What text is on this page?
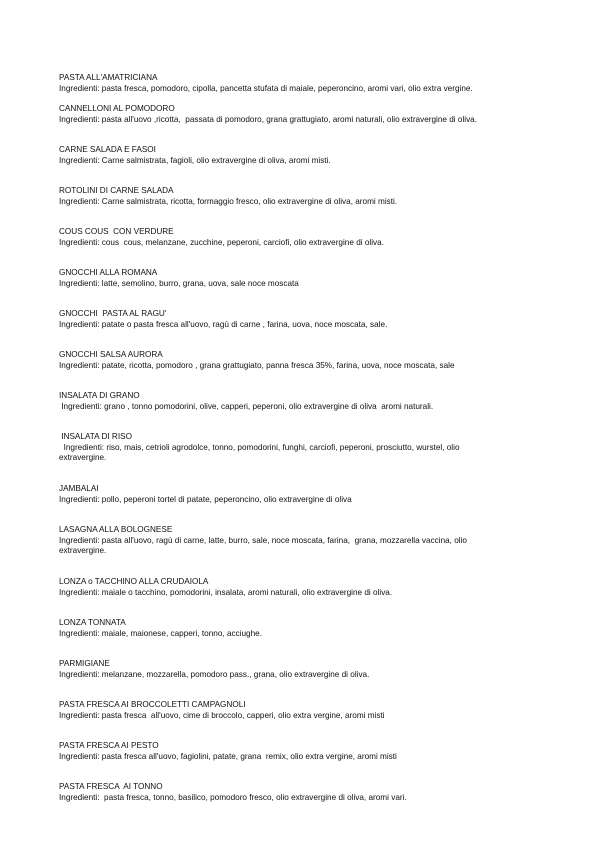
PASTA ALL'AMATRICIANA
Ingredienti: pasta fresca, pomodoro, cipolla, pancetta stufata di maiale, peperoncino, aromi vari, olio extra vergine.
CANNELLONI AL POMODORO
Ingredienti: pasta all'uovo ,ricotta,  passata di pomodoro, grana grattugiato, aromi naturali, olio extravergine di oliva.
CARNE SALADA E FASOI
Ingredienti: Carne salmistrata, fagioli, olio extravergine di oliva, aromi misti.
ROTOLINI DI CARNE SALADA
Ingredienti: Carne salmistrata, ricotta, formaggio fresco, olio extravergine di oliva, aromi misti.
COUS COUS  CON VERDURE
Ingredienti: cous  cous, melanzane, zucchine, peperoni, carciofi, olio extravergine di oliva.
GNOCCHI ALLA ROMANA
Ingredienti: latte, semolino, burro, grana, uova, sale noce moscata
GNOCCHI  PASTA AL RAGU'
Ingredienti: patate o pasta fresca all'uovo, ragù di carne , farina, uova, noce moscata, sale.
GNOCCHI SALSA AURORA
Ingredienti: patate, ricotta, pomodoro , grana grattugiato, panna fresca 35%, farina, uova, noce moscata, sale
INSALATA DI GRANO
Ingredienti: grano , tonno pomodorini, olive, capperi, peperoni, olio extravergine di oliva  aromi naturali.
INSALATA DI RISO
Ingredienti: riso, mais, cetrioli agrodolce, tonno, pomodorini, funghi, carciofi, peperoni, prosciutto, wurstel, olio
extravergine.
JAMBALAI
Ingredienti: pollo, peperoni tortel di patate, peperoncino, olio extravergine di oliva
LASAGNA ALLA BOLOGNESE
Ingredienti: pasta all'uovo, ragù di carne, latte, burro, sale, noce moscata, farina,  grana, mozzarella vaccina, olio
extravergine.
LONZA o TACCHINO ALLA CRUDAIOLA
Ingredienti: maiale o tacchino, pomodorini, insalata, aromi naturali, olio extravergine di oliva.
LONZA TONNATA
Ingredienti: maiale, maionese, capperi, tonno, acciughe.
PARMIGIANE
Ingredienti: melanzane, mozzarella, pomodoro pass., grana, olio extravergine di oliva.
PASTA FRESCA AI BROCCOLETTI CAMPAGNOLI
Ingredienti: pasta fresca  all'uovo, cime di broccolo, capperi, olio extra vergine, aromi misti
PASTA FRESCA AI PESTO
Ingredienti: pasta fresca all'uovo, fagiolini, patate, grana  remix, olio extra vergine, aromi misti
PASTA FRESCA  AI TONNO
Ingredienti:  pasta fresca, tonno, basilico, pomodoro fresco, olio extravergine di oliva, aromi vari.
